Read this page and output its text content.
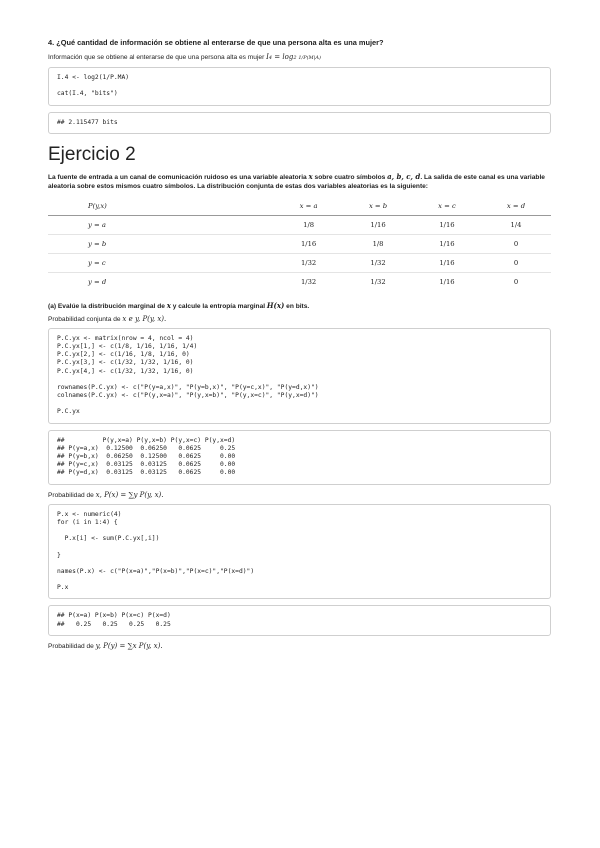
4. ¿Qué cantidad de información se obtiene al enterarse de que una persona alta es una mujer?
Información que se obtiene al enterarse de que una persona alta es mujer I4 = log2 1/P(M|A)
I.4 <- log2(1/P.MA)
cat(I.4, "bits")
## 2.115477 bits
Ejercicio 2
La fuente de entrada a un canal de comunicación ruidoso es una variable aleatoria x sobre cuatro símbolos a, b, c, d. La salida de este canal es una variable aleatoria sobre estos mismos cuatro símbolos. La distribución conjunta de estas dos variables aleatorias es la siguiente:
P(y,x)	x = a	x = b	x = c	x = d
y = a	1/8	1/16	1/16	1/4
y = b	1/16	1/8	1/16	0
y = c	1/32	1/32	1/16	0
y = d	1/32	1/32	1/16	0
(a) Evalúe la distribución marginal de x y calcule la entropía marginal H(x) en bits.
Probabilidad conjunta de x e y, P(y, x).
P.C.yx <- matrix(nrow = 4, ncol = 4)
P.C.yx[1,] <- c(1/8, 1/16, 1/16, 1/4)
P.C.yx[2,] <- c(1/16, 1/8, 1/16, 0)
P.C.yx[3,] <- c(1/32, 1/32, 1/16, 0)
P.C.yx[4,] <- c(1/32, 1/32, 1/16, 0)
rownames(P.C.yx) <- c("P(y=a,x)", "P(y=b,x)", "P(y=c,x)", "P(y=d,x)")
colnames(P.C.yx) <- c("P(y,x=a)", "P(y,x=b)", "P(y,x=c)", "P(y,x=d)")
P.C.yx
##          P(y,x=a) P(y,x=b) P(y,x=c) P(y,x=d)
## P(y=a,x)  0.12500  0.06250   0.0625     0.25
## P(y=b,x)  0.06250  0.12500   0.0625     0.00
## P(y=c,x)  0.03125  0.03125   0.0625     0.00
## P(y=d,x)  0.03125  0.03125   0.0625     0.00
Probabilidad de x, P(x) = ∑y P(y, x).
P.x <- numeric(4)
for (i in 1:4) {
P.x[i] <- sum(P.C.yx[,i])
}
names(P.x) <- c("P(x=a)","P(x=b)","P(x=c)","P(x=d)")
P.x
## P(x=a) P(x=b) P(x=c) P(x=d)
##   0.25   0.25   0.25   0.25
Probabilidad de y, P(y) = ∑x P(y, x).
